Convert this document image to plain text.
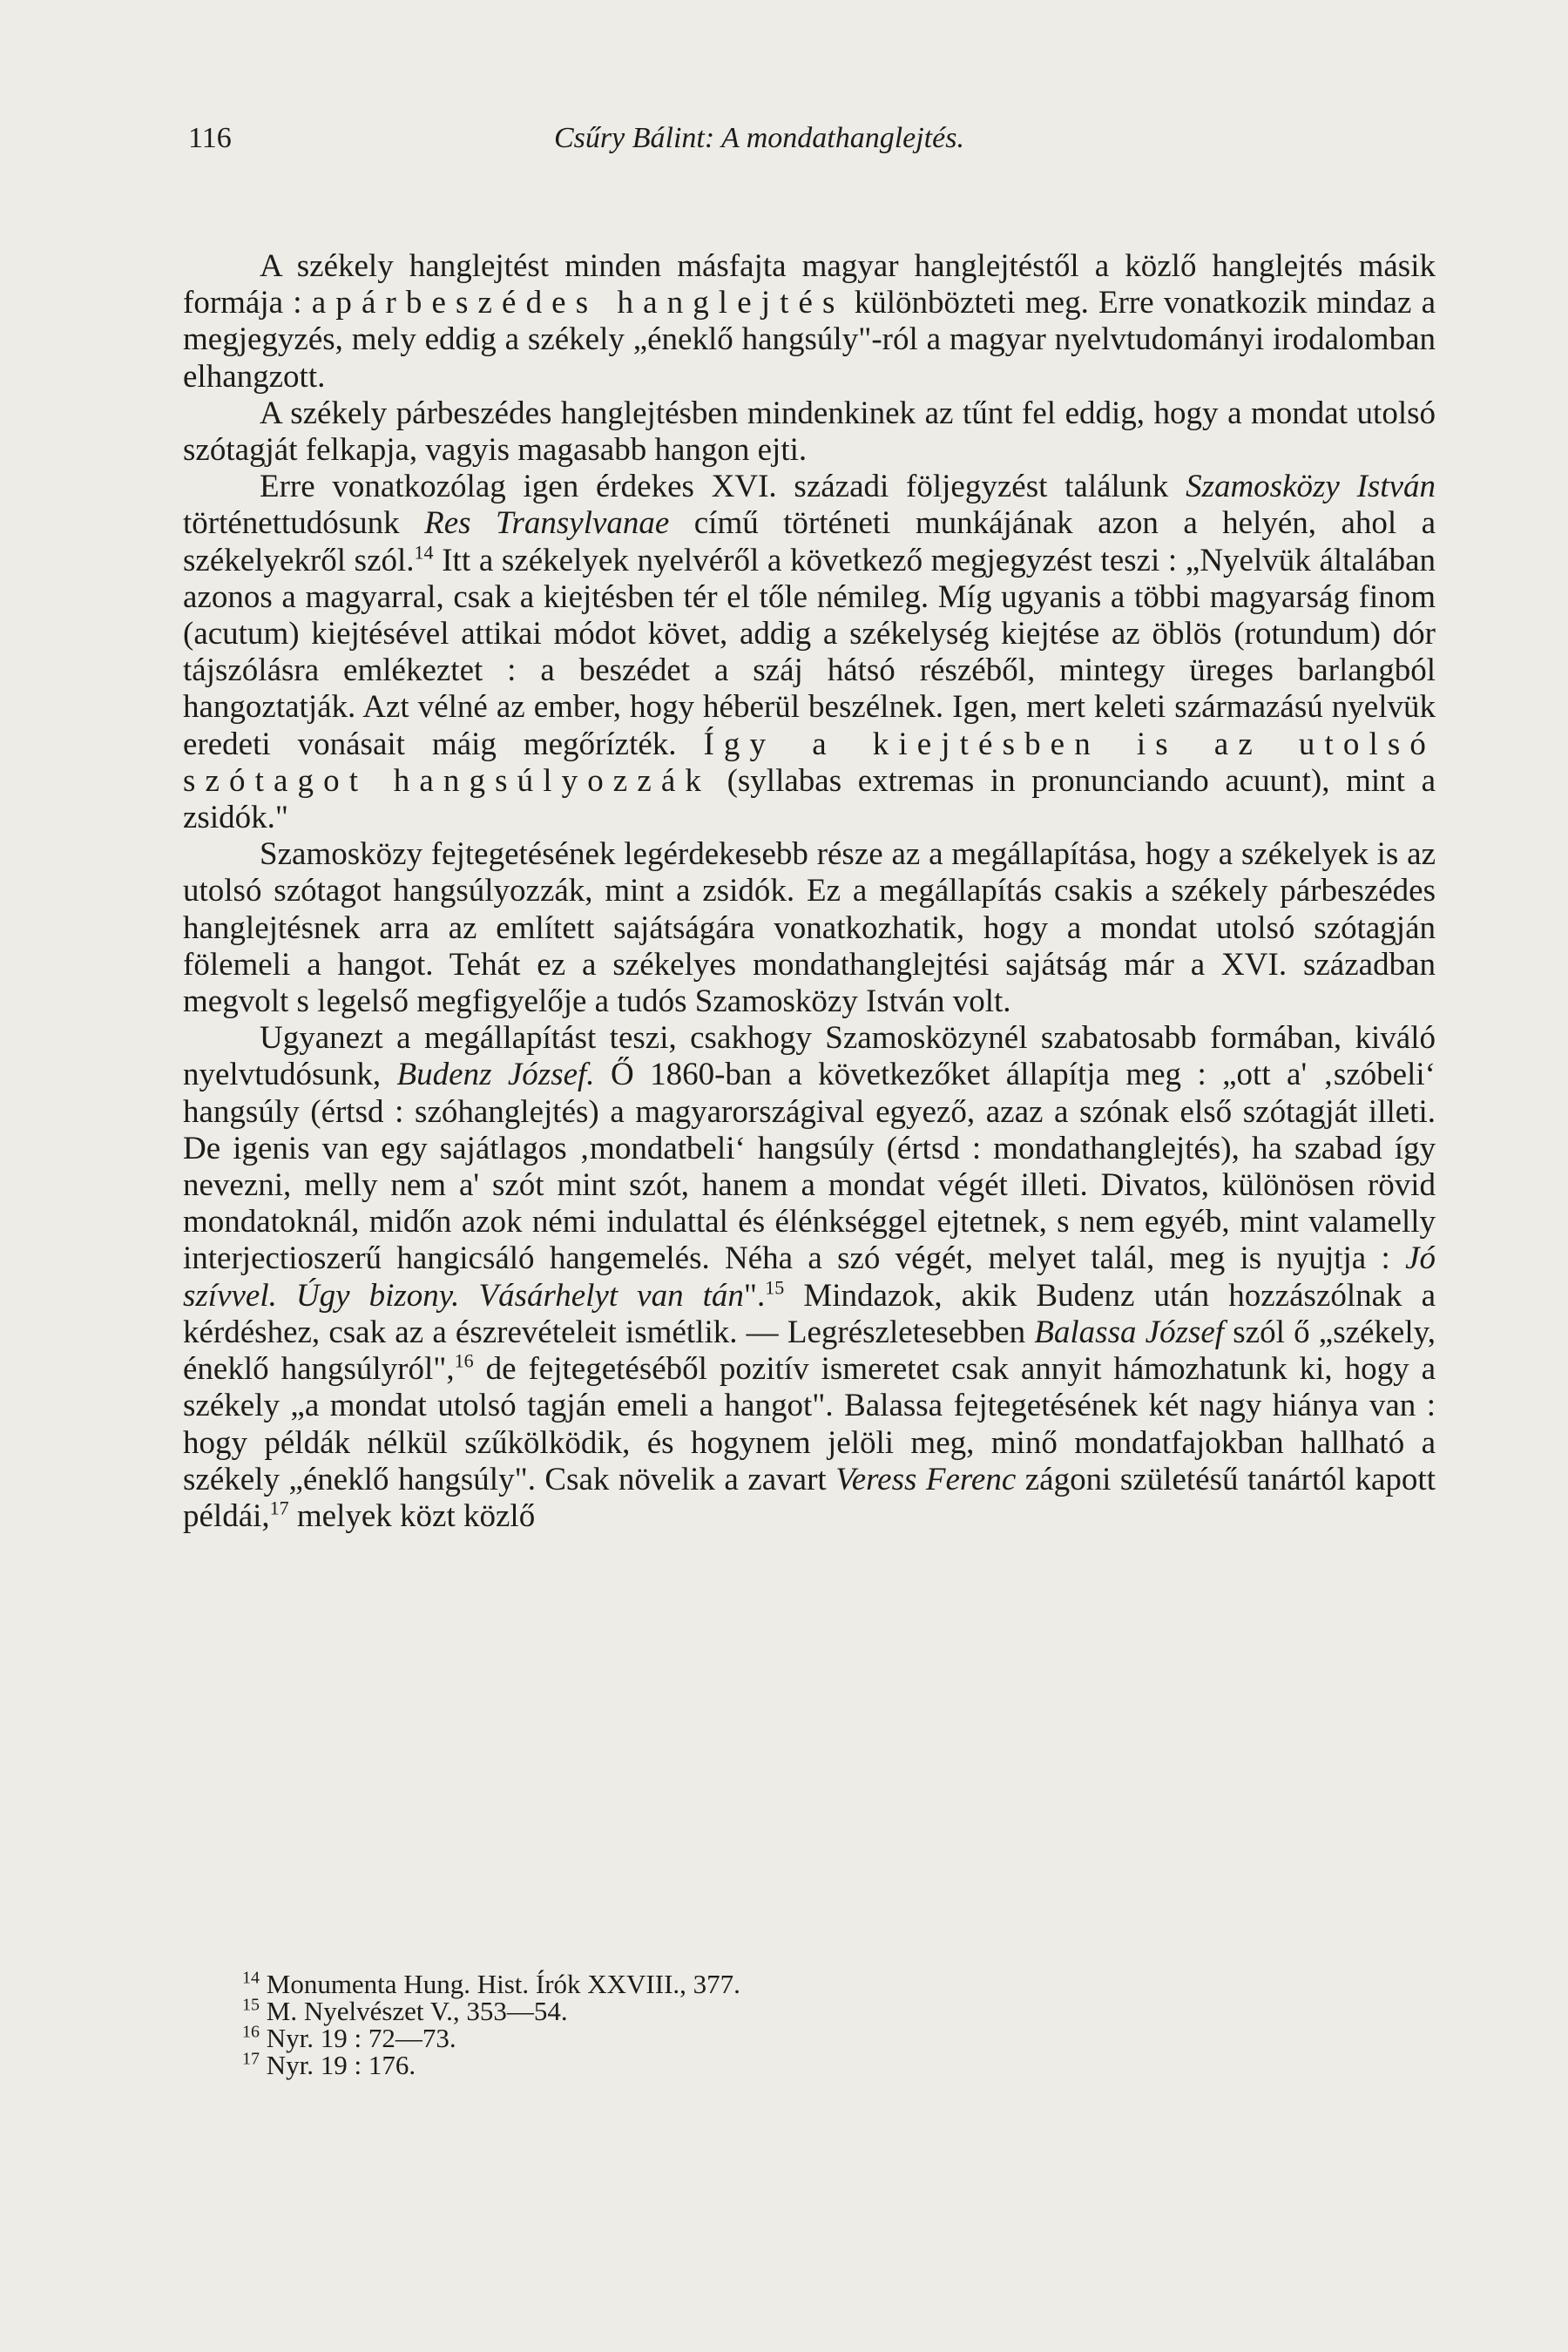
116	Csűry Bálint: A mondathanglejtés.

A székely hanglejtést minden másfajta magyar hanglejtéstől a közlő hanglejtés másik formája : a párbeszédes hanglejtés különbözteti meg. Erre vonatkozik mindaz a megjegyzés, mely eddig a székely „éneklő hangsúly"-ról a magyar nyelvtudományi irodalomban elhangzott.

A székely párbeszédes hanglejtésben mindenkinek az tűnt fel eddig, hogy a mondat utolsó szótagját felkapja, vagyis magasabb hangon ejti.

Erre vonatkozólag igen érdekes XVI. századi följegyzést találunk Szamosközy István történettudósunk Res Transylvanae című történeti munkájának azon a helyén, ahol a székelyekről szól.$^{14}$ Itt a székelyek nyelvéről a következő megjegyzést teszi : „Nyelvük általában azonos a magyarral, csak a kiejtésben tér el tőle némileg. Míg ugyanis a többi magyarság finom (acutum) kiejtésével attikai módot követ, addig a székelység kiejtése az öblös (rotundum) dór tájszólásra emlékeztet : a beszédet a száj hátsó részéből, mintegy üreges barlangból hangoztatják. Azt vélné az ember, hogy héberül beszélnek. Igen, mert keleti származású nyelvük eredeti vonásait máig megőrízték. Így a kiejtésben is az utolsó szótagot hangsúlyozzák (syllabas extremas in pronunciando acuunt), mint a zsidók."

Szamosközy fejtegetésének legérdekesebb része az a megállapítása, hogy a székelyek is az utolsó szótagot hangsúlyozzák, mint a zsidók. Ez a megállapítás csakis a székely párbeszédes hanglejtésnek arra az említett sajátságára vonatkozhatik, hogy a mondat utolsó szótagján fölemeli a hangot. Tehát ez a székelyes mondathanglejtési sajátság már a XVI. században megvolt s legelső megfigyelője a tudós Szamosközy István volt.

Ugyanezt a megállapítást teszi, csakhogy Szamosközynél szabatosabb formában, kiváló nyelvtudósunk, Budenz József. Ő 1860-ban a következőket állapítja meg : „ott a' ‚szóbeli‘ hangsúly (értsd : szóhanglejtés) a magyarországival egyező, azaz a szónak első szótagját illeti. De igenis van egy sajátlagos ‚mondatbeli‘ hangsúly (értsd : mondathanglejtés), ha szabad így nevezni, melly nem a' szót mint szót, hanem a mondat végét illeti. Divatos, különösen rövid mondatoknál, midőn azok némi indulattal és élénkséggel ejtetnek, s nem egyéb, mint valamelly interjectioszerű hangicsáló hangemelés. Néha a szó végét, melyet talál, meg is nyujtja : Jó szívvel. Úgy bizony. Vásárhelyt van tán".$^{15}$ Mindazok, akik Budenz után hozzászólnak a kérdéshez, csak az a észrevételeit ismétlik. — Legrészletesebben Balassa József szól ő „székely, éneklő hangsúlyról",$^{16}$ de fejtegetéséből pozitív ismeretet csak annyit hámozhatunk ki, hogy a székely „a mondat utolsó tagján emeli a hangot". Balassa fejtegetésének két nagy hiánya van : hogy példák nélkül szűkölködik, és hogynem jelöli meg, minő mondatfajokban hallható a székely „éneklő hangsúly". Csak növelik a zavart Veress Ferenc zágoni születésű tanártól kapott példái,$^{17}$ melyek közt közlő

$^{14}$ Monumenta Hung. Hist. Írók XXVIII., 377.

$^{15}$ M. Nyelvészet V., 353—54.

$^{16}$ Nyr. 19 : 72—73.

$^{17}$ Nyr. 19 : 176.
